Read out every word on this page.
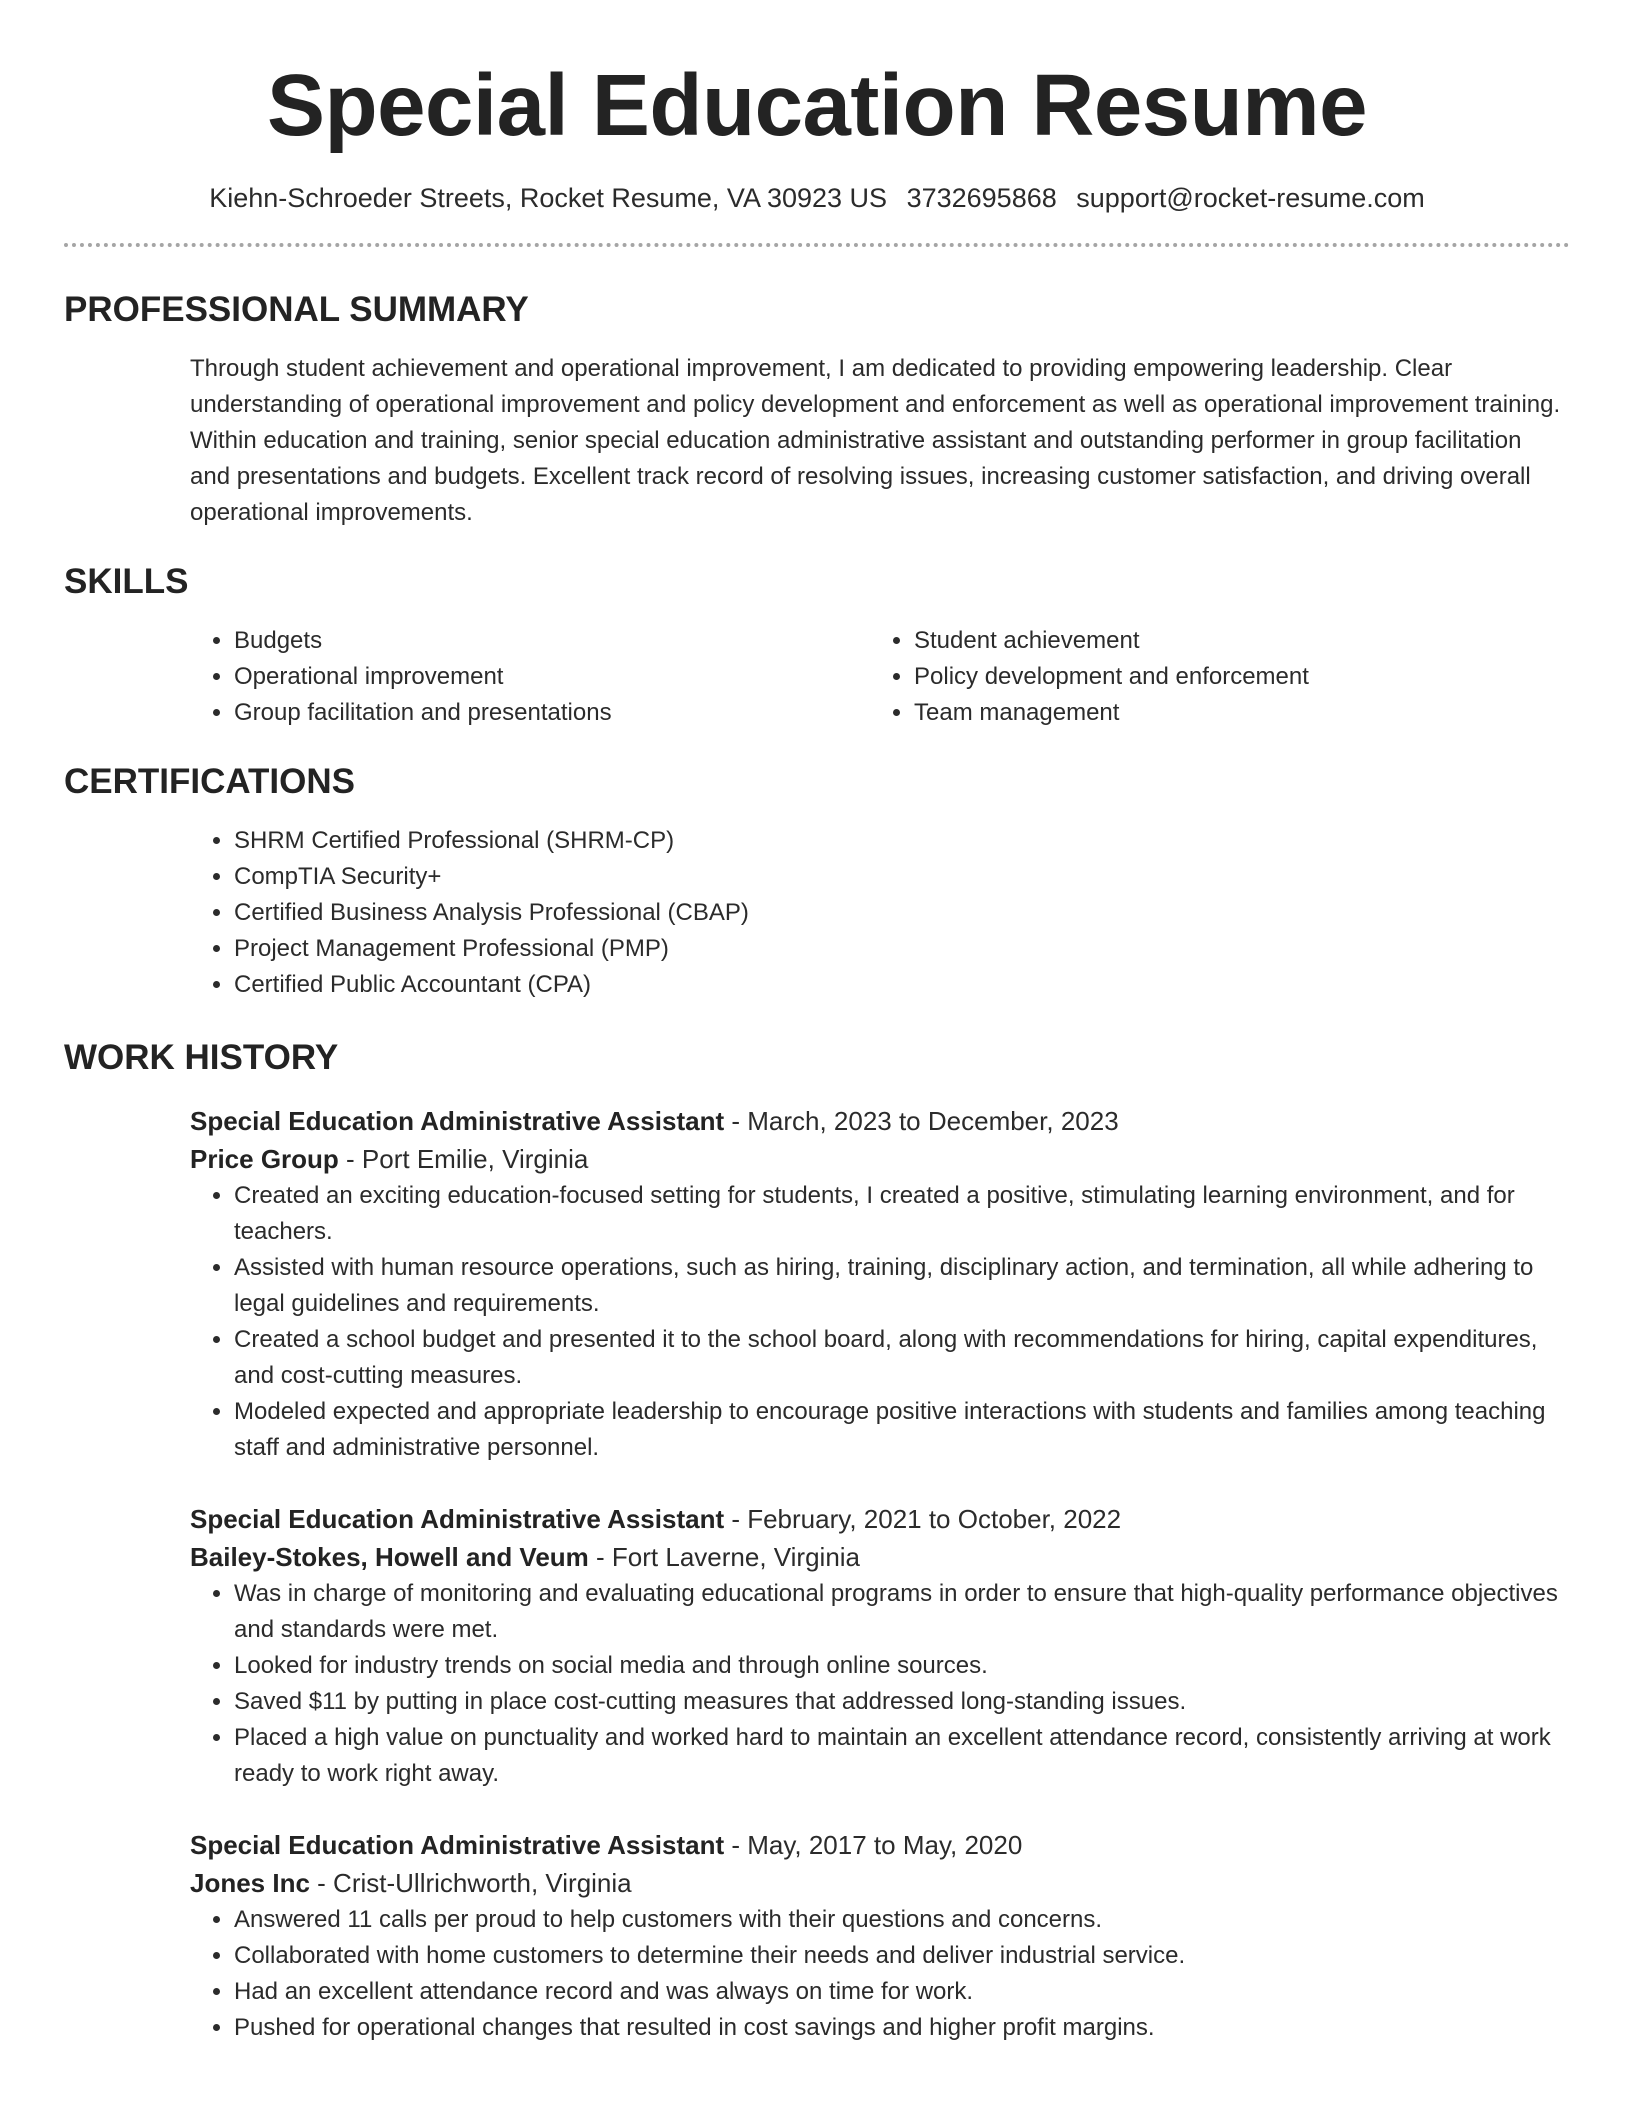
Special Education Resume
Kiehn-Schroeder Streets, Rocket Resume, VA 30923 US 3732695868 support@rocket-resume.com
PROFESSIONAL SUMMARY
Through student achievement and operational improvement, I am dedicated to providing empowering leadership. Clear understanding of operational improvement and policy development and enforcement as well as operational improvement training. Within education and training, senior special education administrative assistant and outstanding performer in group facilitation and presentations and budgets. Excellent track record of resolving issues, increasing customer satisfaction, and driving overall operational improvements.
SKILLS
• Budgets
• Operational improvement
• Group facilitation and presentations
• Student achievement
• Policy development and enforcement
• Team management
CERTIFICATIONS
• SHRM Certified Professional (SHRM-CP)
• CompTIA Security+
• Certified Business Analysis Professional (CBAP)
• Project Management Professional (PMP)
• Certified Public Accountant (CPA)
WORK HISTORY
Special Education Administrative Assistant - March, 2023 to December, 2023
Price Group - Port Emilie, Virginia
• Created an exciting education-focused setting for students, I created a positive, stimulating learning environment, and for teachers.
• Assisted with human resource operations, such as hiring, training, disciplinary action, and termination, all while adhering to legal guidelines and requirements.
• Created a school budget and presented it to the school board, along with recommendations for hiring, capital expenditures, and cost-cutting measures.
• Modeled expected and appropriate leadership to encourage positive interactions with students and families among teaching staff and administrative personnel.
Special Education Administrative Assistant - February, 2021 to October, 2022
Bailey-Stokes, Howell and Veum - Fort Laverne, Virginia
• Was in charge of monitoring and evaluating educational programs in order to ensure that high-quality performance objectives and standards were met.
• Looked for industry trends on social media and through online sources.
• Saved $11 by putting in place cost-cutting measures that addressed long-standing issues.
• Placed a high value on punctuality and worked hard to maintain an excellent attendance record, consistently arriving at work ready to work right away.
Special Education Administrative Assistant - May, 2017 to May, 2020
Jones Inc - Crist-Ullrichworth, Virginia
• Answered 11 calls per proud to help customers with their questions and concerns.
• Collaborated with home customers to determine their needs and deliver industrial service.
• Had an excellent attendance record and was always on time for work.
• Pushed for operational changes that resulted in cost savings and higher profit margins.
